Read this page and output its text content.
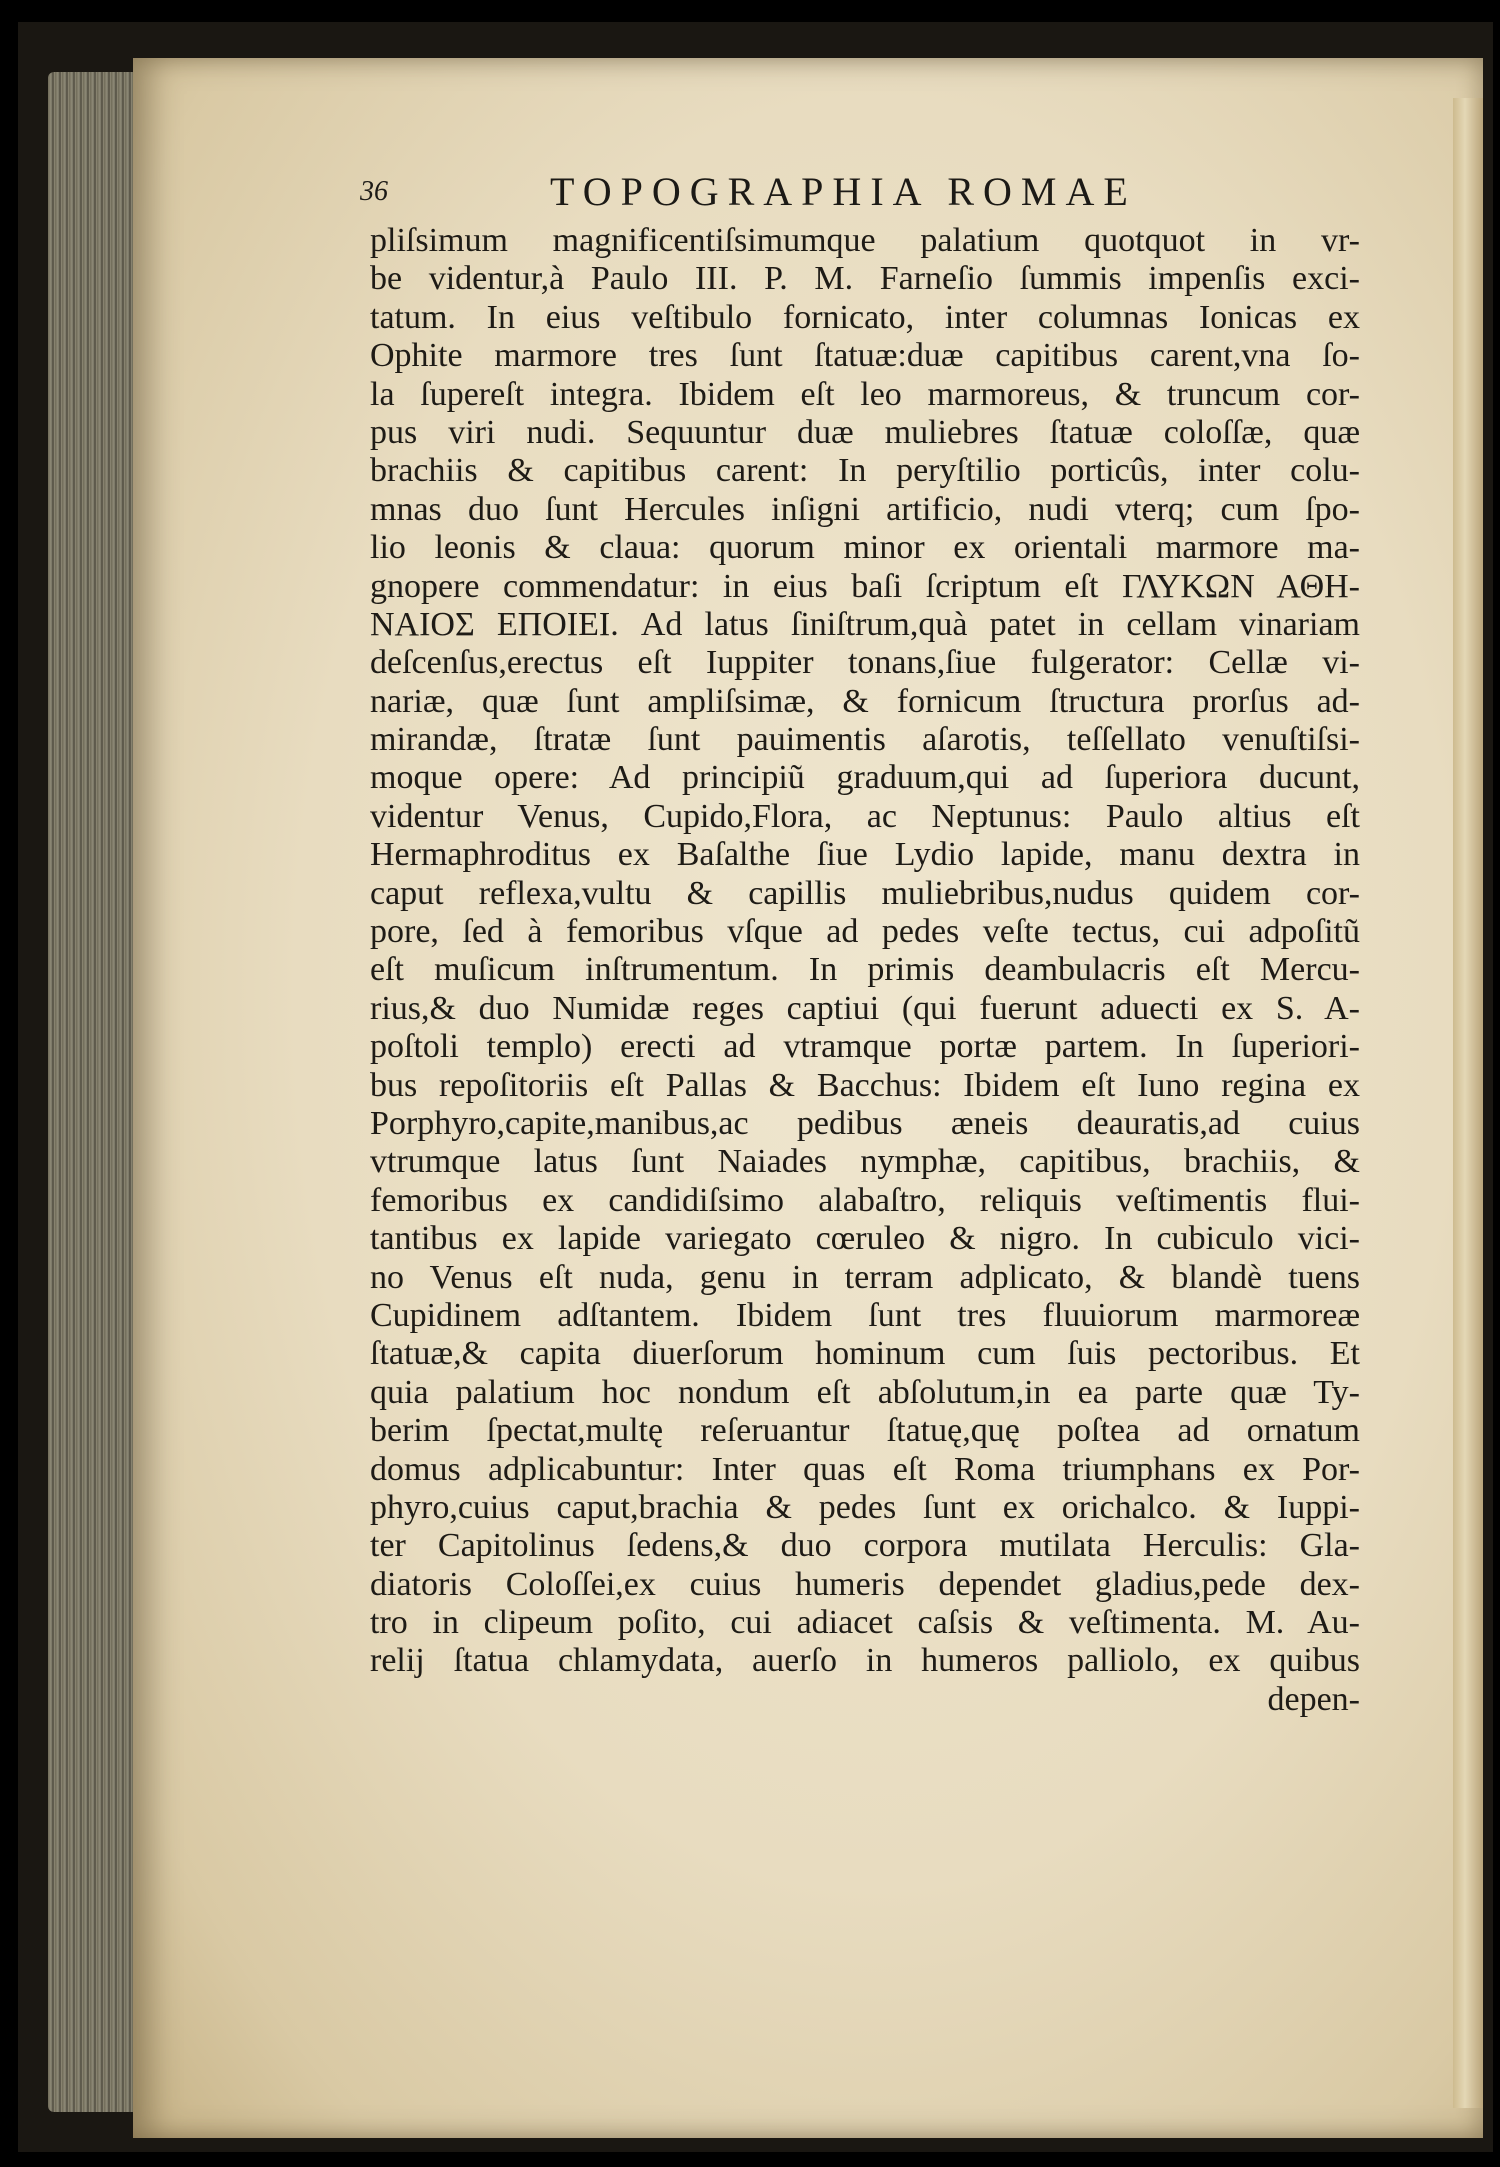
36	TOPOGRAPHIA ROMAE
pliſsimum magnificentiſsimumque palatium quotquot in vr-
be videntur,à Paulo III. P. M. Farneſio ſummis impenſis exci-
tatum. In eius veſtibulo fornicato, inter columnas Ionicas ex
Ophite marmore tres ſunt ſtatuæ:duæ capitibus carent,vna ſo-
la ſupereſt integra. Ibidem eſt leo marmoreus, & truncum cor-
pus viri nudi. Sequuntur duæ muliebres ſtatuæ coloſſæ, quæ
brachiis & capitibus carent: In peryſtilio porticûs, inter colu-
mnas duo ſunt Hercules inſigni artificio, nudi vterq; cum ſpo-
lio leonis & claua: quorum minor ex orientali marmore ma-
gnopere commendatur: in eius baſi ſcriptum eſt ΓΛΥΚΩΝ ΑΘΗ-
ΝΑΙΟΣ ΕΠΟΙΕΙ. Ad latus ſiniſtrum,quà patet in cellam vinariam
deſcenſus,erectus eſt Iuppiter tonans,ſiue fulgerator: Cellæ vi-
nariæ, quæ ſunt ampliſsimæ, & fornicum ſtructura prorſus ad-
mirandæ, ſtratæ ſunt pauimentis aſarotis, teſſellato venuſtiſsi-
moque opere: Ad principiũ graduum,qui ad ſuperiora ducunt,
videntur Venus, Cupido,Flora, ac Neptunus: Paulo altius eſt
Hermaphroditus ex Baſalthe ſiue Lydio lapide, manu dextra in
caput reflexa,vultu & capillis muliebribus,nudus quidem cor-
pore, ſed à femoribus vſque ad pedes veſte tectus, cui adpoſitũ
eſt muſicum inſtrumentum. In primis deambulacris eſt Mercu-
rius,& duo Numidæ reges captiui (qui fuerunt aduecti ex S. A-
poſtoli templo) erecti ad vtramque portæ partem. In ſuperiori-
bus repoſitoriis eſt Pallas & Bacchus: Ibidem eſt Iuno regina ex
Porphyro,capite,manibus,ac pedibus æneis deauratis,ad cuius
vtrumque latus ſunt Naiades nymphæ, capitibus, brachiis, &
femoribus ex candidiſsimo alabaſtro, reliquis veſtimentis flui-
tantibus ex lapide variegato cœruleo & nigro. In cubiculo vici-
no Venus eſt nuda, genu in terram adplicato, & blandè tuens
Cupidinem adſtantem. Ibidem ſunt tres fluuiorum marmoreæ
ſtatuæ,& capita diuerſorum hominum cum ſuis pectoribus. Et
quia palatium hoc nondum eſt abſolutum,in ea parte quæ Ty-
berim ſpectat,multę reſeruantur ſtatuę,quę poſtea ad ornatum
domus adplicabuntur: Inter quas eſt Roma triumphans ex Por-
phyro,cuius caput,brachia & pedes ſunt ex orichalco. & Iuppi-
ter Capitolinus ſedens,& duo corpora mutilata Herculis: Gla-
diatoris Coloſſei,ex cuius humeris dependet gladius,pede dex-
tro in clipeum poſito, cui adiacet caſsis & veſtimenta. M. Au-
relij ſtatua chlamydata, auerſo in humeros palliolo, ex quibus
depen-
